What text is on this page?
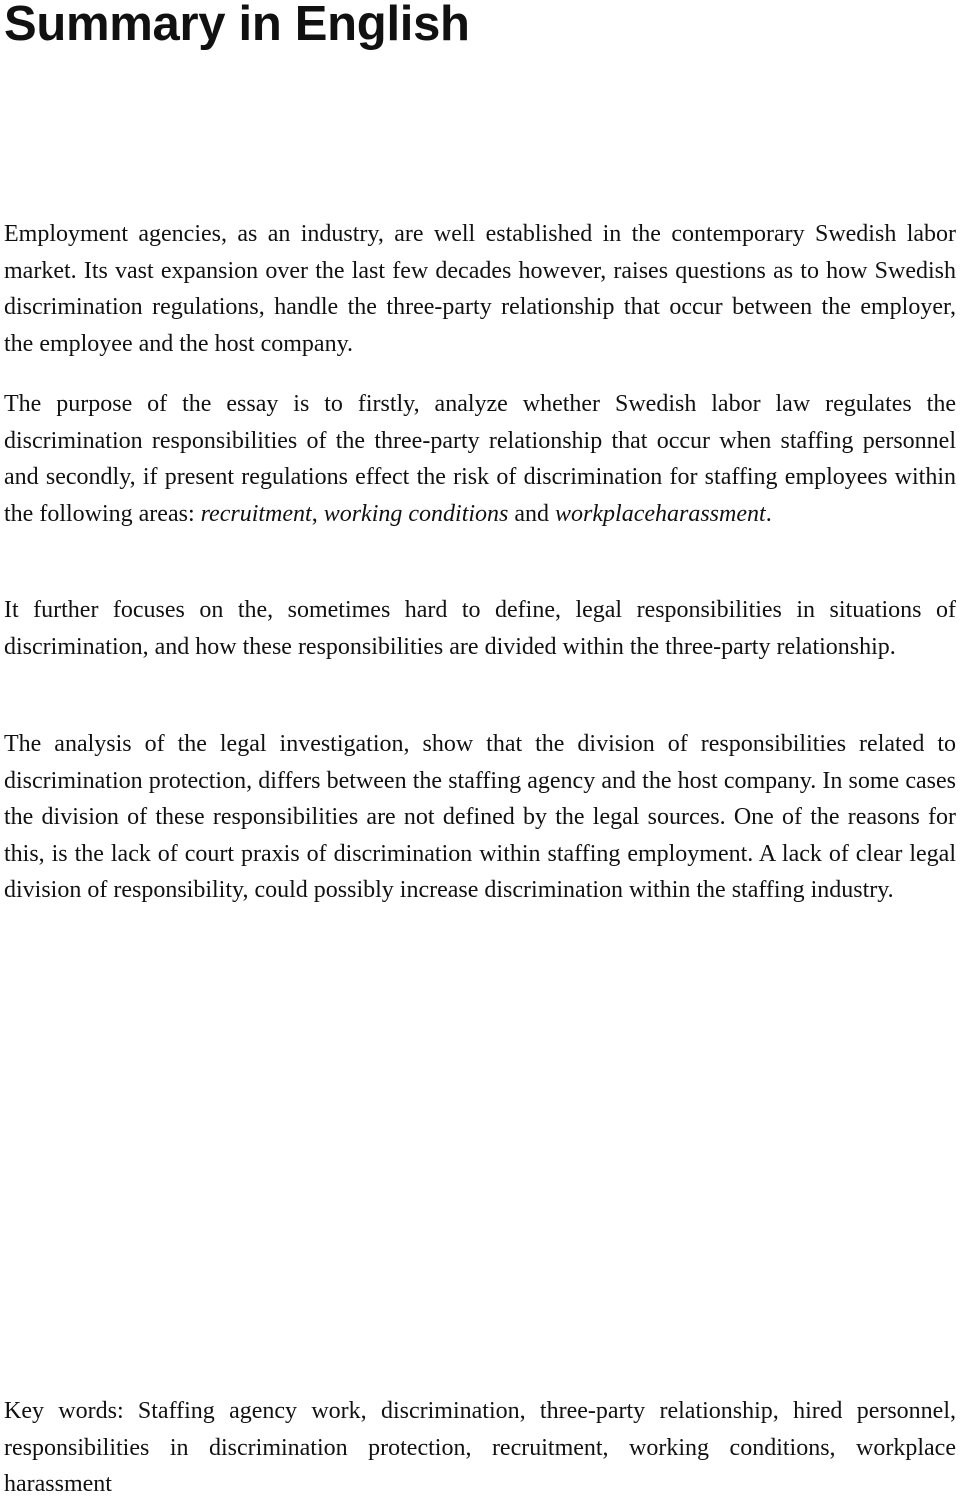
Summary in English

Employment agencies, as an industry, are well established in the contemporary Swedish labor market. Its vast expansion over the last few decades however, raises questions as to how Swedish discrimination regulations, handle the three-party relationship that occur between the employer, the employee and the host company.

The purpose of the essay is to firstly, analyze whether Swedish labor law regulates the discrimination responsibilities of the three-party relationship that occur when staffing personnel and secondly, if present regulations effect the risk of discrimination for staffing employees within the following areas: recruitment, working conditions and workplaceharassment.

It further focuses on the, sometimes hard to define, legal responsibilities in situations of discrimination, and how these responsibilities are divided within the three-party relationship.

The analysis of the legal investigation, show that the division of responsibilities related to discrimination protection, differs between the staffing agency and the host company. In some cases the division of these responsibilities are not defined by the legal sources. One of the reasons for this, is the lack of court praxis of discrimination within staffing employment. A lack of clear legal division of responsibility, could possibly increase discrimination within the staffing industry.

Key words: Staffing agency work, discrimination, three-party relationship, hired personnel, responsibilities in discrimination protection, recruitment, working conditions, workplace harassment
